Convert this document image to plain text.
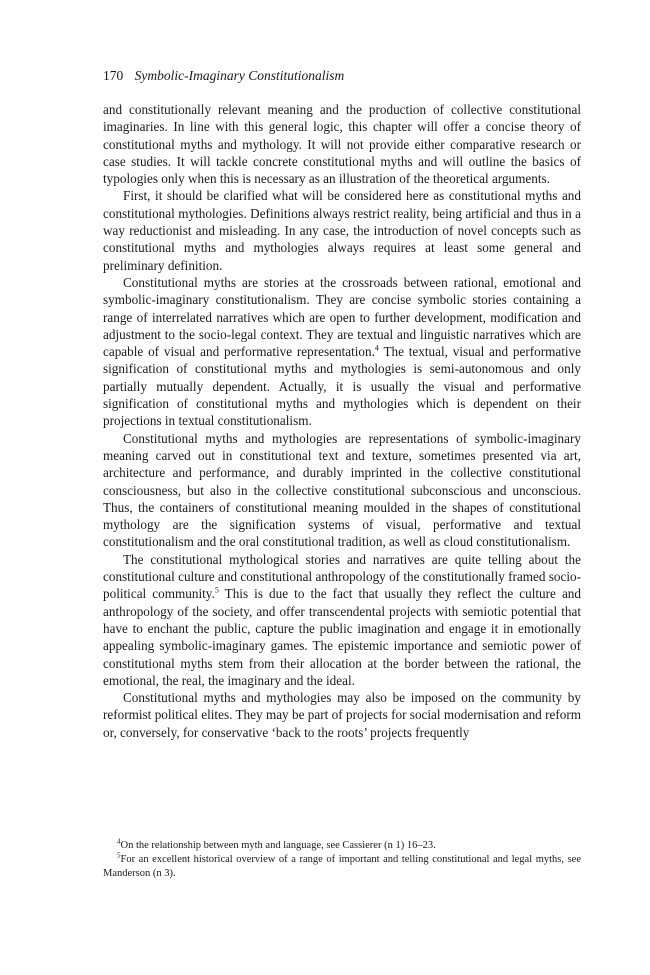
170 Symbolic-Imaginary Constitutionalism

and constitutionally relevant meaning and the production of collective constitutional imaginaries. In line with this general logic, this chapter will offer a concise theory of constitutional myths and mythology. It will not provide either comparative research or case studies. It will tackle concrete constitutional myths and will outline the basics of typologies only when this is necessary as an illustration of the theoretical arguments.

First, it should be clarified what will be considered here as constitutional myths and constitutional mythologies. Definitions always restrict reality, being artificial and thus in a way reductionist and misleading. In any case, the introduction of novel concepts such as constitutional myths and mythologies always requires at least some general and preliminary definition.

Constitutional myths are stories at the crossroads between rational, emotional and symbolic-imaginary constitutionalism. They are concise symbolic stories containing a range of interrelated narratives which are open to further development, modification and adjustment to the socio-legal context. They are textual and linguistic narratives which are capable of visual and performative representation.$^4$ The textual, visual and performative signification of constitutional myths and mythologies is semi-autonomous and only partially mutually dependent. Actually, it is usually the visual and performative signification of constitutional myths and mythologies which is dependent on their projections in textual constitutionalism.

Constitutional myths and mythologies are representations of symbolic-imaginary meaning carved out in constitutional text and texture, sometimes presented via art, architecture and performance, and durably imprinted in the collective constitutional consciousness, but also in the collective constitutional subconscious and unconscious. Thus, the containers of constitutional meaning moulded in the shapes of constitutional mythology are the signification systems of visual, performative and textual constitutionalism and the oral constitutional tradition, as well as cloud constitutionalism.

The constitutional mythological stories and narratives are quite telling about the constitutional culture and constitutional anthropology of the constitutionally framed socio-political community.$^5$ This is due to the fact that usually they reflect the culture and anthropology of the society, and offer transcendental projects with semiotic potential that have to enchant the public, capture the public imagination and engage it in emotionally appealing symbolic-imaginary games. The epistemic importance and semiotic power of constitutional myths stem from their allocation at the border between the rational, the emotional, the real, the imaginary and the ideal.

Constitutional myths and mythologies may also be imposed on the community by reformist political elites. They may be part of projects for social modernisation and reform or, conversely, for conservative ‘back to the roots’ projects frequently

$^4$On the relationship between myth and language, see Cassierer (n 1) 16–23.

$^5$For an excellent historical overview of a range of important and telling constitutional and legal myths, see Manderson (n 3).
